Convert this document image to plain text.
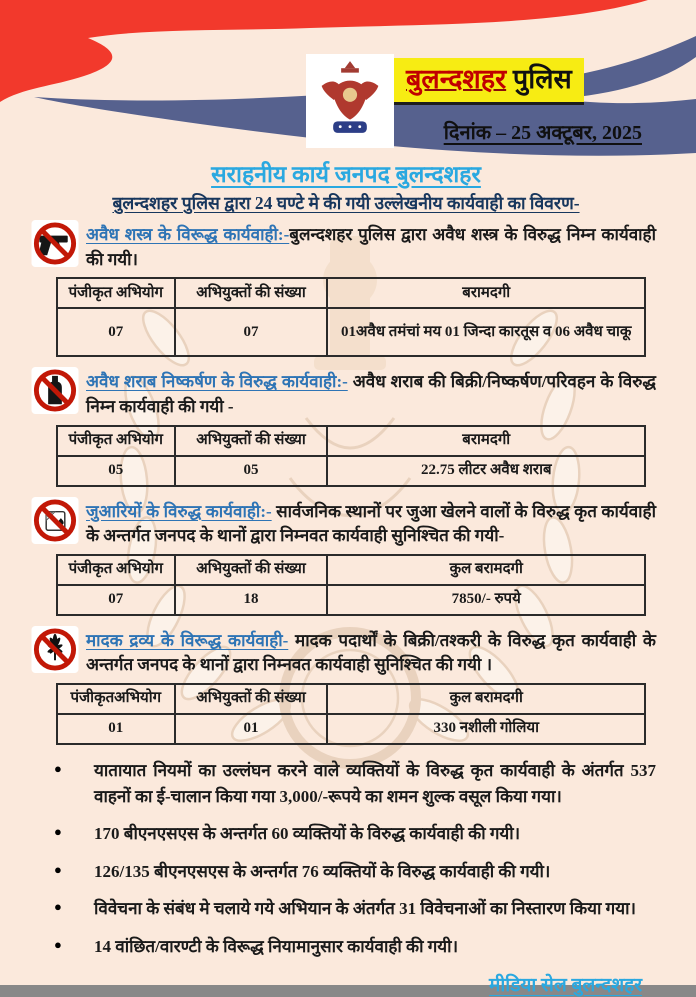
बुलन्दशहर पुलिस
दिनांक – 25 अक्टूबर, 2025
सराहनीय कार्य जनपद बुलन्दशहर
बुलन्दशहर पुलिस द्वारा 24 घण्टे मे की गयी उल्लेखनीय कार्यवाही का विवरण-

अवैध शस्त्र के विरूद्ध कार्यवाही:-बुलन्दशहर पुलिस द्वारा अवैध शस्त्र के विरुद्ध निम्न कार्यवाही की गयी।

पंजीकृत अभियोग	अभियुक्तों की संख्या	बरामदगी
07	07	01अवैध तमंचां मय 01 जिन्दा कारतूस व 06 अवैध चाकू

अवैध शराब निष्कर्षण के विरुद्ध कार्यवाही:- अवैध शराब की बिक्री/निष्कर्षण/परिवहन के विरुद्ध निम्न कार्यवाही की गयी -

पंजीकृत अभियोग	अभियुक्तों की संख्या	बरामदगी
05	05	22.75 लीटर अवैध शराब

जुआरियों के विरुद्ध कार्यवाही:- सार्वजनिक स्थानों पर जुआ खेलने वालों के विरुद्ध कृत कार्यवाही के अन्तर्गत जनपद के थानों द्वारा निम्नवत कार्यवाही सुनिश्चित की गयी-

पंजीकृत अभियोग	अभियुक्तों की संख्या	कुल बरामदगी
07	18	7850/- रुपये

मादक द्रव्य के विरूद्ध कार्यवाही- मादक पदार्थों के बिक्री/तश्करी के विरुद्ध कृत कार्यवाही के अन्तर्गत जनपद के थानों द्वारा निम्नवत कार्यवाही सुनिश्चित की गयी ।

पंजीकृतअभियोग	अभियुक्तों की संख्या	कुल बरामदगी
01	01	330 नशीली गोलिया
● यातायात नियमों का उल्लंघन करने वाले व्यक्तियों के विरुद्ध कृत कार्यवाही के अंतर्गत 537 वाहनों का ई-चालान किया गया 3,000/-रूपये का शमन शुल्क वसूल किया गया।
● 170 बीएनएसएस के अन्तर्गत 60 व्यक्तियों के विरुद्ध कार्यवाही की गयी।
● 126/135 बीएनएसएस के अन्तर्गत 76 व्यक्तियों के विरुद्ध कार्यवाही की गयी।
● विवेचना के संबंध मे चलाये गये अभियान के अंतर्गत 31 विवेचनाओं का निस्तारण किया गया।
● 14 वांछित/वारण्टी के विरूद्ध नियामानुसार कार्यवाही की गयी।
मीडिया सेल बुलन्दशहर
